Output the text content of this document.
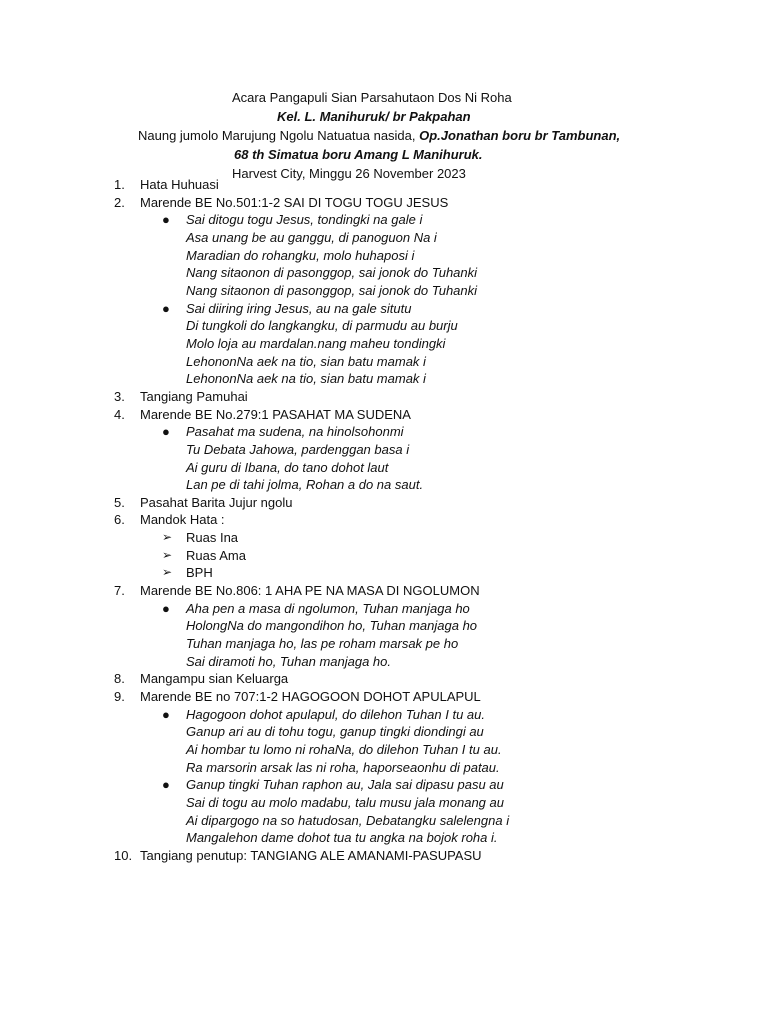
Acara Pangapuli Sian Parsahutaon Dos Ni Roha
Kel. L. Manihuruk/ br Pakpahan
Naung jumolo Marujung Ngolu Natuatua nasida, Op.Jonathan boru br Tambunan,
68 th Simatua boru Amang L Manihuruk.
Harvest City, Minggu 26 November 2023
1.	Hata Huhuasi
2.	Marende BE No.501:1-2 SAI DI TOGU TOGU JESUS
● Sai ditogu togu Jesus, tondingki na gale i
Asa unang be au ganggu, di panoguon Na i
Maradian do rohangku, molo huhaposi i
Nang sitaonon di pasonggop, sai jonok do Tuhanki
Nang sitaonon di pasonggop, sai jonok do Tuhanki
● Sai diiring iring Jesus, au na gale situtu
Di tungkoli do langkangku, di parmudu au burju
Molo loja au mardalan.nang maheu tondingki
LehononNa aek na tio, sian batu mamak i
LehononNa aek na tio, sian batu mamak i
3.	Tangiang Pamuhai
4.	Marende BE No.279:1 PASAHAT MA SUDENA
● Pasahat ma sudena, na hinolsohonmi
Tu Debata Jahowa, pardenggan basa i
Ai guru di Ibana, do tano dohot laut
Lan pe di tahi jolma, Rohan a do na saut.
5.	Pasahat Barita Jujur ngolu
6.	Mandok Hata :
➢ Ruas Ina
➢ Ruas Ama
➢ BPH
7.	Marende BE No.806: 1 AHA PE NA MASA DI NGOLUMON
● Aha pen a masa di ngolumon, Tuhan manjaga ho
HolongNa do mangondihon ho, Tuhan manjaga ho
Tuhan manjaga ho, las pe roham marsak pe ho
Sai diramoti ho, Tuhan manjaga ho.
8.	Mangampu sian Keluarga
9.	Marende BE no 707:1-2 HAGOGOON DOHOT APULAPUL
● Hagogoon dohot apulapul, do dilehon Tuhan I tu au.
Ganup ari au di tohu togu, ganup tingki diondingi au
Ai hombar tu lomo ni rohaNa, do dilehon Tuhan I tu au.
Ra marsorin arsak las ni roha, haporseaonhu di patau.
● Ganup tingki Tuhan raphon au, Jala sai dipasu pasu au
Sai di togu au molo madabu, talu musu jala monang au
Ai dipargogo na so hatudosan, Debatangku salelengna i
Mangalehon dame dohot tua tu angka na bojok roha i.
10. Tangiang penutup: TANGIANG ALE AMANAMI-PASUPASU
